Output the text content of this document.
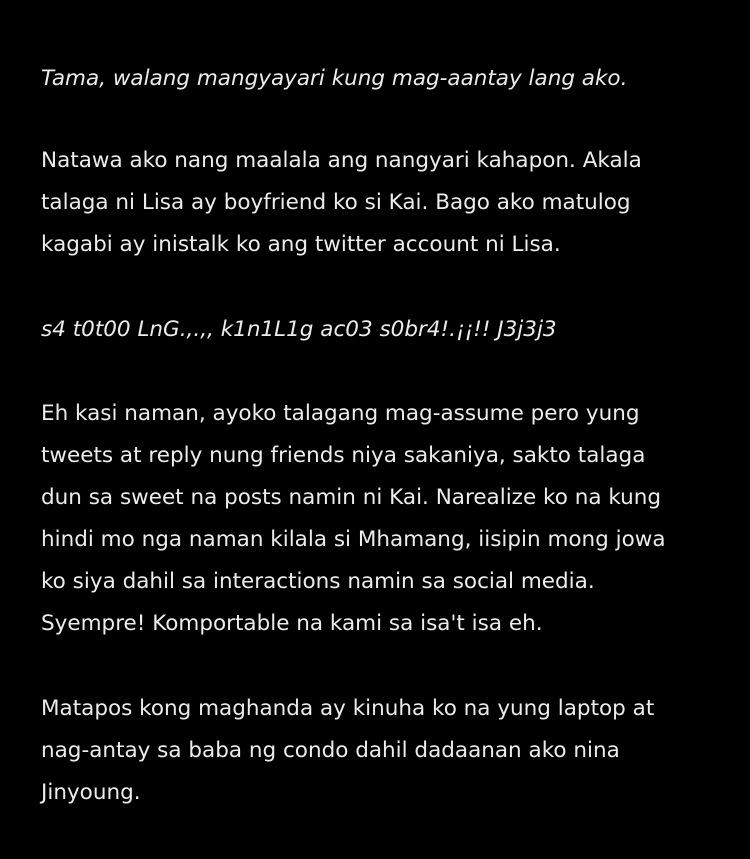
Tama, walang mangyayari kung mag-aantay lang ako.
Natawa ako nang maalala ang nangyari kahapon. Akala
talaga ni Lisa ay boyfriend ko si Kai. Bago ako matulog
kagabi ay inistalk ko ang twitter account ni Lisa.
s4 t0t00 LnG.,.,, k1n1L1g ac03 s0br4!.¡¡!! J3j3j3
Eh kasi naman, ayoko talagang mag-assume pero yung
tweets at reply nung friends niya sakaniya, sakto talaga
dun sa sweet na posts namin ni Kai. Narealize ko na kung
hindi mo nga naman kilala si Mhamang, iisipin mong jowa
ko siya dahil sa interactions namin sa social media.
Syempre! Komportable na kami sa isa't isa eh.
Matapos kong maghanda ay kinuha ko na yung laptop at
nag-antay sa baba ng condo dahil dadaanan ako nina
Jinyoung.
